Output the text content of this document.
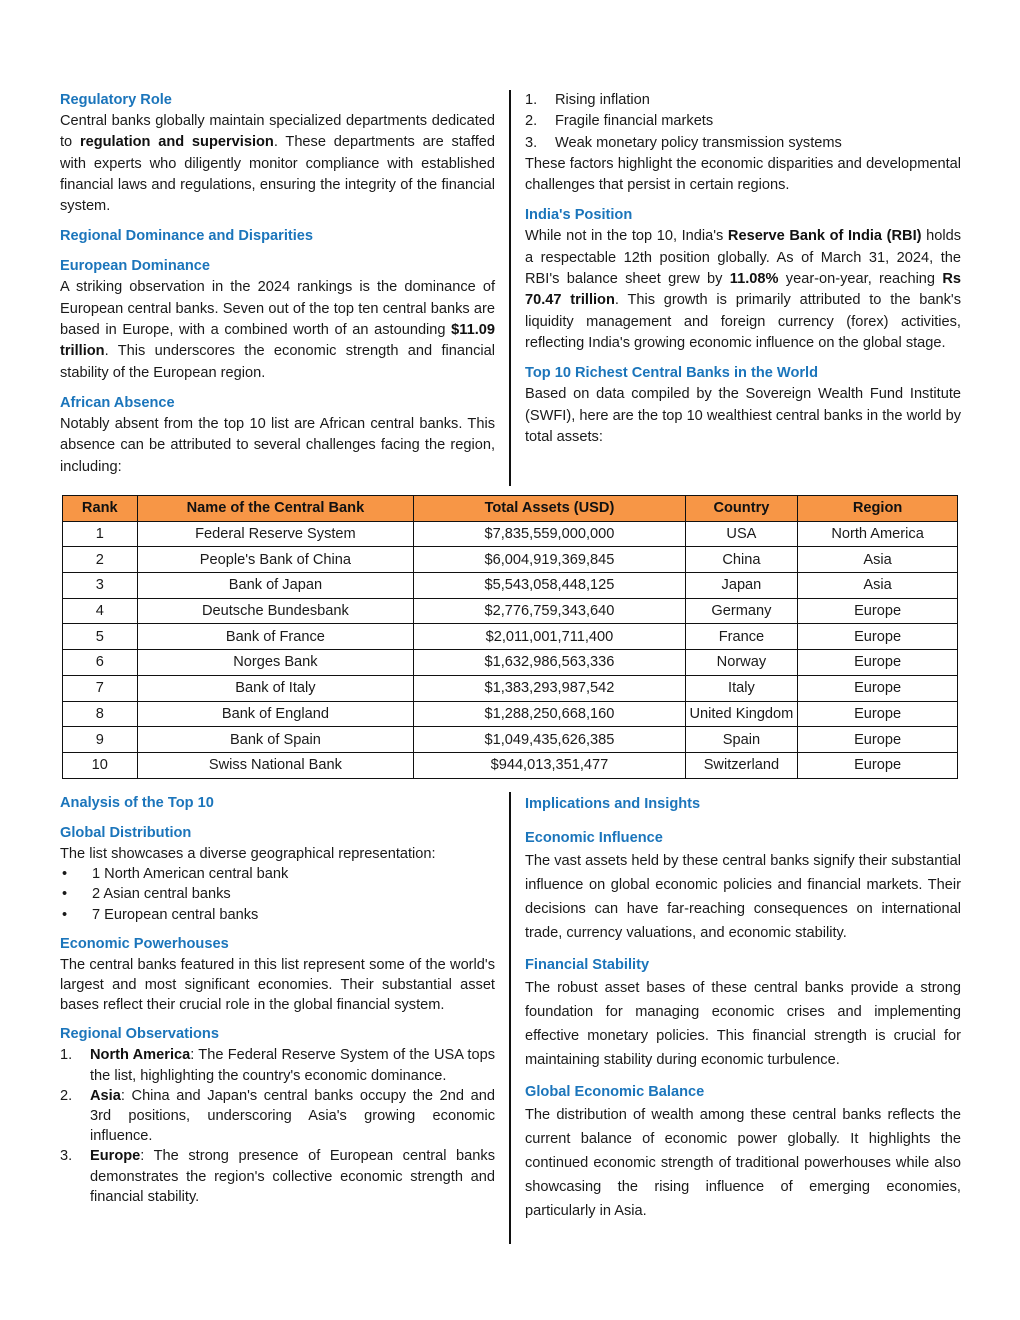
Regulatory Role

Central banks globally maintain specialized departments dedicated to regulation and supervision. These departments are staffed with experts who diligently monitor compliance with established financial laws and regulations, ensuring the integrity of the financial system.

Regional Dominance and Disparities
European Dominance

A striking observation in the 2024 rankings is the dominance of European central banks. Seven out of the top ten central banks are based in Europe, with a combined worth of an astounding $11.09 trillion. This underscores the economic strength and financial stability of the European region.

African Absence

Notably absent from the top 10 list are African central banks. This absence can be attributed to several challenges facing the region, including:

1.	Rising inflation
2.	Fragile financial markets
3.	Weak monetary policy transmission systems

These factors highlight the economic disparities and developmental challenges that persist in certain regions.

India's Position

While not in the top 10, India's Reserve Bank of India (RBI) holds a respectable 12th position globally. As of March 31, 2024, the RBI's balance sheet grew by 11.08% year-on-year, reaching Rs 70.47 trillion. This growth is primarily attributed to the bank's liquidity management and foreign currency (forex) activities, reflecting India's growing economic influence on the global stage.

Top 10 Richest Central Banks in the World

Based on data compiled by the Sovereign Wealth Fund Institute (SWFI), here are the top 10 wealthiest central banks in the world by total assets:

Rank	Name of the Central Bank	Total Assets (USD)	Country	Region
1	Federal Reserve System	$7,835,559,000,000	USA	North America
2	People's Bank of China	$6,004,919,369,845	China	Asia
3	Bank of Japan	$5,543,058,448,125	Japan	Asia
4	Deutsche Bundesbank	$2,776,759,343,640	Germany	Europe
5	Bank of France	$2,011,001,711,400	France	Europe
6	Norges Bank	$1,632,986,563,336	Norway	Europe
7	Bank of Italy	$1,383,293,987,542	Italy	Europe
8	Bank of England	$1,288,250,668,160	United Kingdom	Europe
9	Bank of Spain	$1,049,435,626,385	Spain	Europe
10	Swiss National Bank	$944,013,351,477	Switzerland	Europe
Analysis of the Top 10
Global Distribution

The list showcases a diverse geographical representation:

•	1 North American central bank
•	2 Asian central banks
•	7 European central banks
Economic Powerhouses

The central banks featured in this list represent some of the world's largest and most significant economies. Their substantial asset bases reflect their crucial role in the global financial system.

Regional Observations
1.	North America: The Federal Reserve System of the USA tops the list, highlighting the country's economic dominance.
2.	Asia: China and Japan's central banks occupy the 2nd and 3rd positions, underscoring Asia's growing economic influence.
3.	Europe: The strong presence of European central banks demonstrates the region's collective economic strength and financial stability.
Implications and Insights
Economic Influence

The vast assets held by these central banks signify their substantial influence on global economic policies and financial markets. Their decisions can have far-reaching consequences on international trade, currency valuations, and economic stability.

Financial Stability

The robust asset bases of these central banks provide a strong foundation for managing economic crises and implementing effective monetary policies. This financial strength is crucial for maintaining stability during economic turbulence.

Global Economic Balance

The distribution of wealth among these central banks reflects the current balance of economic power globally. It highlights the continued economic strength of traditional powerhouses while also showcasing the rising influence of emerging economies, particularly in Asia.
